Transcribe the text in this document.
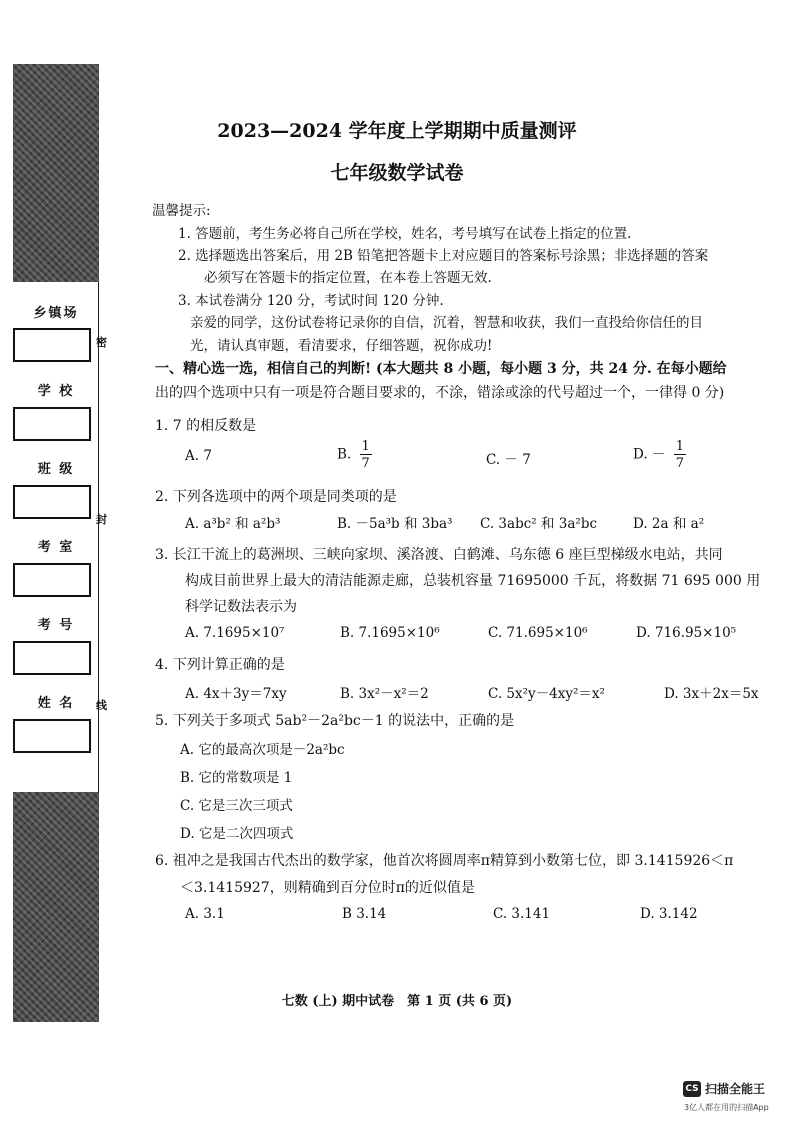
乡镇场
学 校
班 级
考 室
考 号
姓 名
密
封
线
2023—2024 学年度上学期期中质量测评
七年级数学试卷
温馨提示:
1. 答题前，考生务必将自己所在学校，姓名，考号填写在试卷上指定的位置.
2. 选择题选出答案后，用 2B 铅笔把答题卡上对应题目的答案标号涂黑；非选择题的答案
必须写在答题卡的指定位置，在本卷上答题无效.
3. 本试卷满分 120 分，考试时间 120 分钟.
亲爱的同学，这份试卷将记录你的自信，沉着，智慧和收获，我们一直投给你信任的目
光，请认真审题，看清要求，仔细答题，祝你成功!
一、精心选一选，相信自己的判断! (本大题共 8 小题，每小题 3 分，共 24 分. 在每小题给
出的四个选项中只有一项是符合题目要求的，不涂，错涂或涂的代号超过一个，一律得 0 分)
1. 7 的相反数是
A. 7	B. $\frac{1}{7}$	C. － 7	D. － $\frac{1}{7}$
2. 下列各选项中的两个项是同类项的是
A. a³b² 和 a²b³	B. －5a³b 和 3ba³ C. 3abc² 和 3a²bc	D. 2a 和 a²
3. 长江干流上的葛洲坝、三峡向家坝、溪洛渡、白鹤滩、乌东德 6 座巨型梯级水电站，共同
构成目前世界上最大的清洁能源走廊，总装机容量 71695000 千瓦，将数据 71 695 000 用
科学记数法表示为
A. 7.1695×10⁷	B. 7.1695×10⁶	C. 71.695×10⁶	D. 716.95×10⁵
4. 下列计算正确的是
A. 4x＋3y＝7xy	B. 3x²－x²＝2	C. 5x²y－4xy²＝x²	D. 3x＋2x＝5x
5. 下列关于多项式 5ab²－2a²bc－1 的说法中，正确的是
A. 它的最高次项是－2a²bc
B. 它的常数项是 1
C. 它是三次三项式
D. 它是二次四项式
6. 祖冲之是我国古代杰出的数学家，他首次将圆周率π精算到小数第七位，即 3.1415926＜π
＜3.1415927，则精确到百分位时π的近似值是
A. 3.1	B 3.14	C. 3.141	D. 3.142
七数 (上) 期中试卷　第 1 页 (共 6 页)
CS 扫描全能王
3亿人都在用的扫描App
